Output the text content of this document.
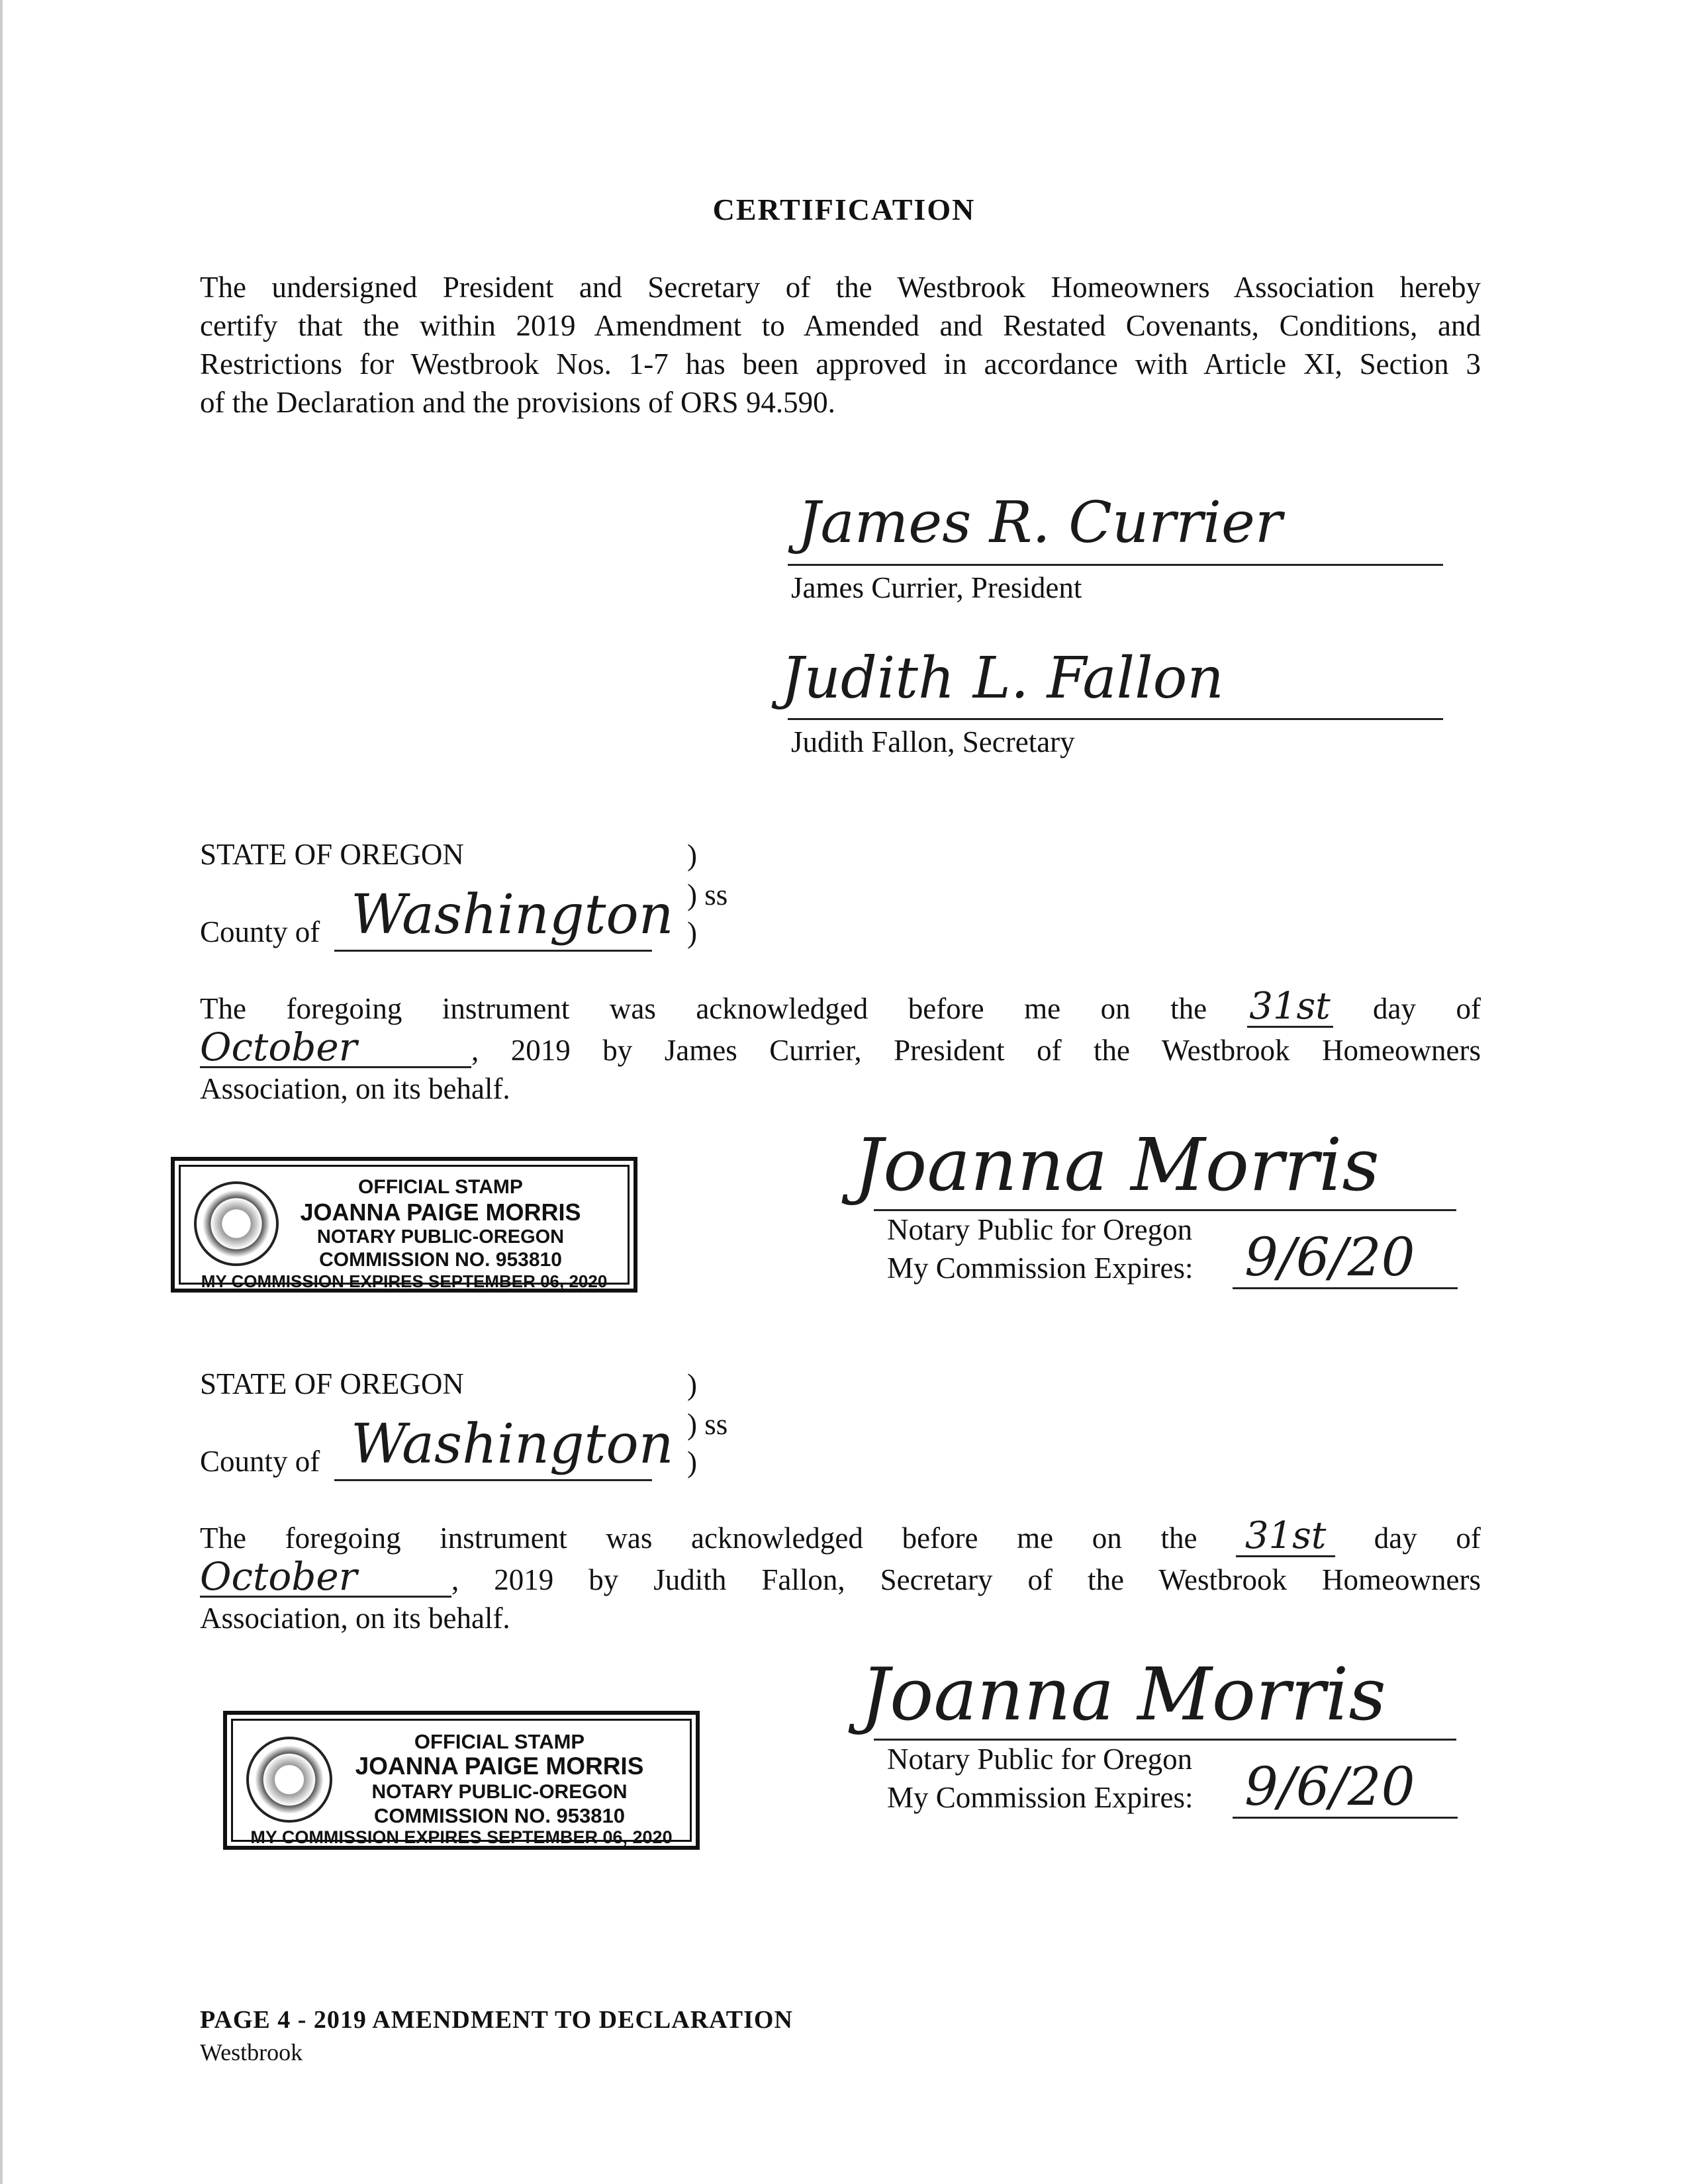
CERTIFICATION

The undersigned President and Secretary of the Westbrook Homeowners Association hereby

certify that the within 2019 Amendment to Amended and Restated Covenants, Conditions, and

Restrictions for Westbrook Nos. 1-7 has been approved in accordance with Article XI, Section 3

of the Declaration and the provisions of ORS 94.590.

James R. Currier
James Currier, President
Judith L. Fallon
Judith Fallon, Secretary
STATE OF OREGON	)
) ss
)
County of Washington
The foregoing instrument was acknowledged before me on the 31st day of
October	, 2019 by James Currier, President of the Westbrook Homeowners
Association, on its behalf.
OFFICIAL STAMP
JOANNA PAIGE MORRIS
NOTARY PUBLIC-OREGON
COMMISSION NO. 953810
MY COMMISSION EXPIRES SEPTEMBER 06, 2020
Joanna Morris
Notary Public for Oregon
My Commission Expires: 9/6/20
STATE OF OREGON	)
) ss
)
County of Washington
The foregoing instrument was acknowledged before me on the 31st	day of
October	, 2019 by Judith Fallon, Secretary of the Westbrook Homeowners
Association, on its behalf.
OFFICIAL STAMP
JOANNA PAIGE MORRIS
NOTARY PUBLIC-OREGON
COMMISSION NO. 953810
MY COMMISSION EXPIRES SEPTEMBER 06, 2020
Joanna Morris
Notary Public for Oregon
My Commission Expires: 9/6/20
PAGE 4 - 2019 AMENDMENT TO DECLARATION
Westbrook
